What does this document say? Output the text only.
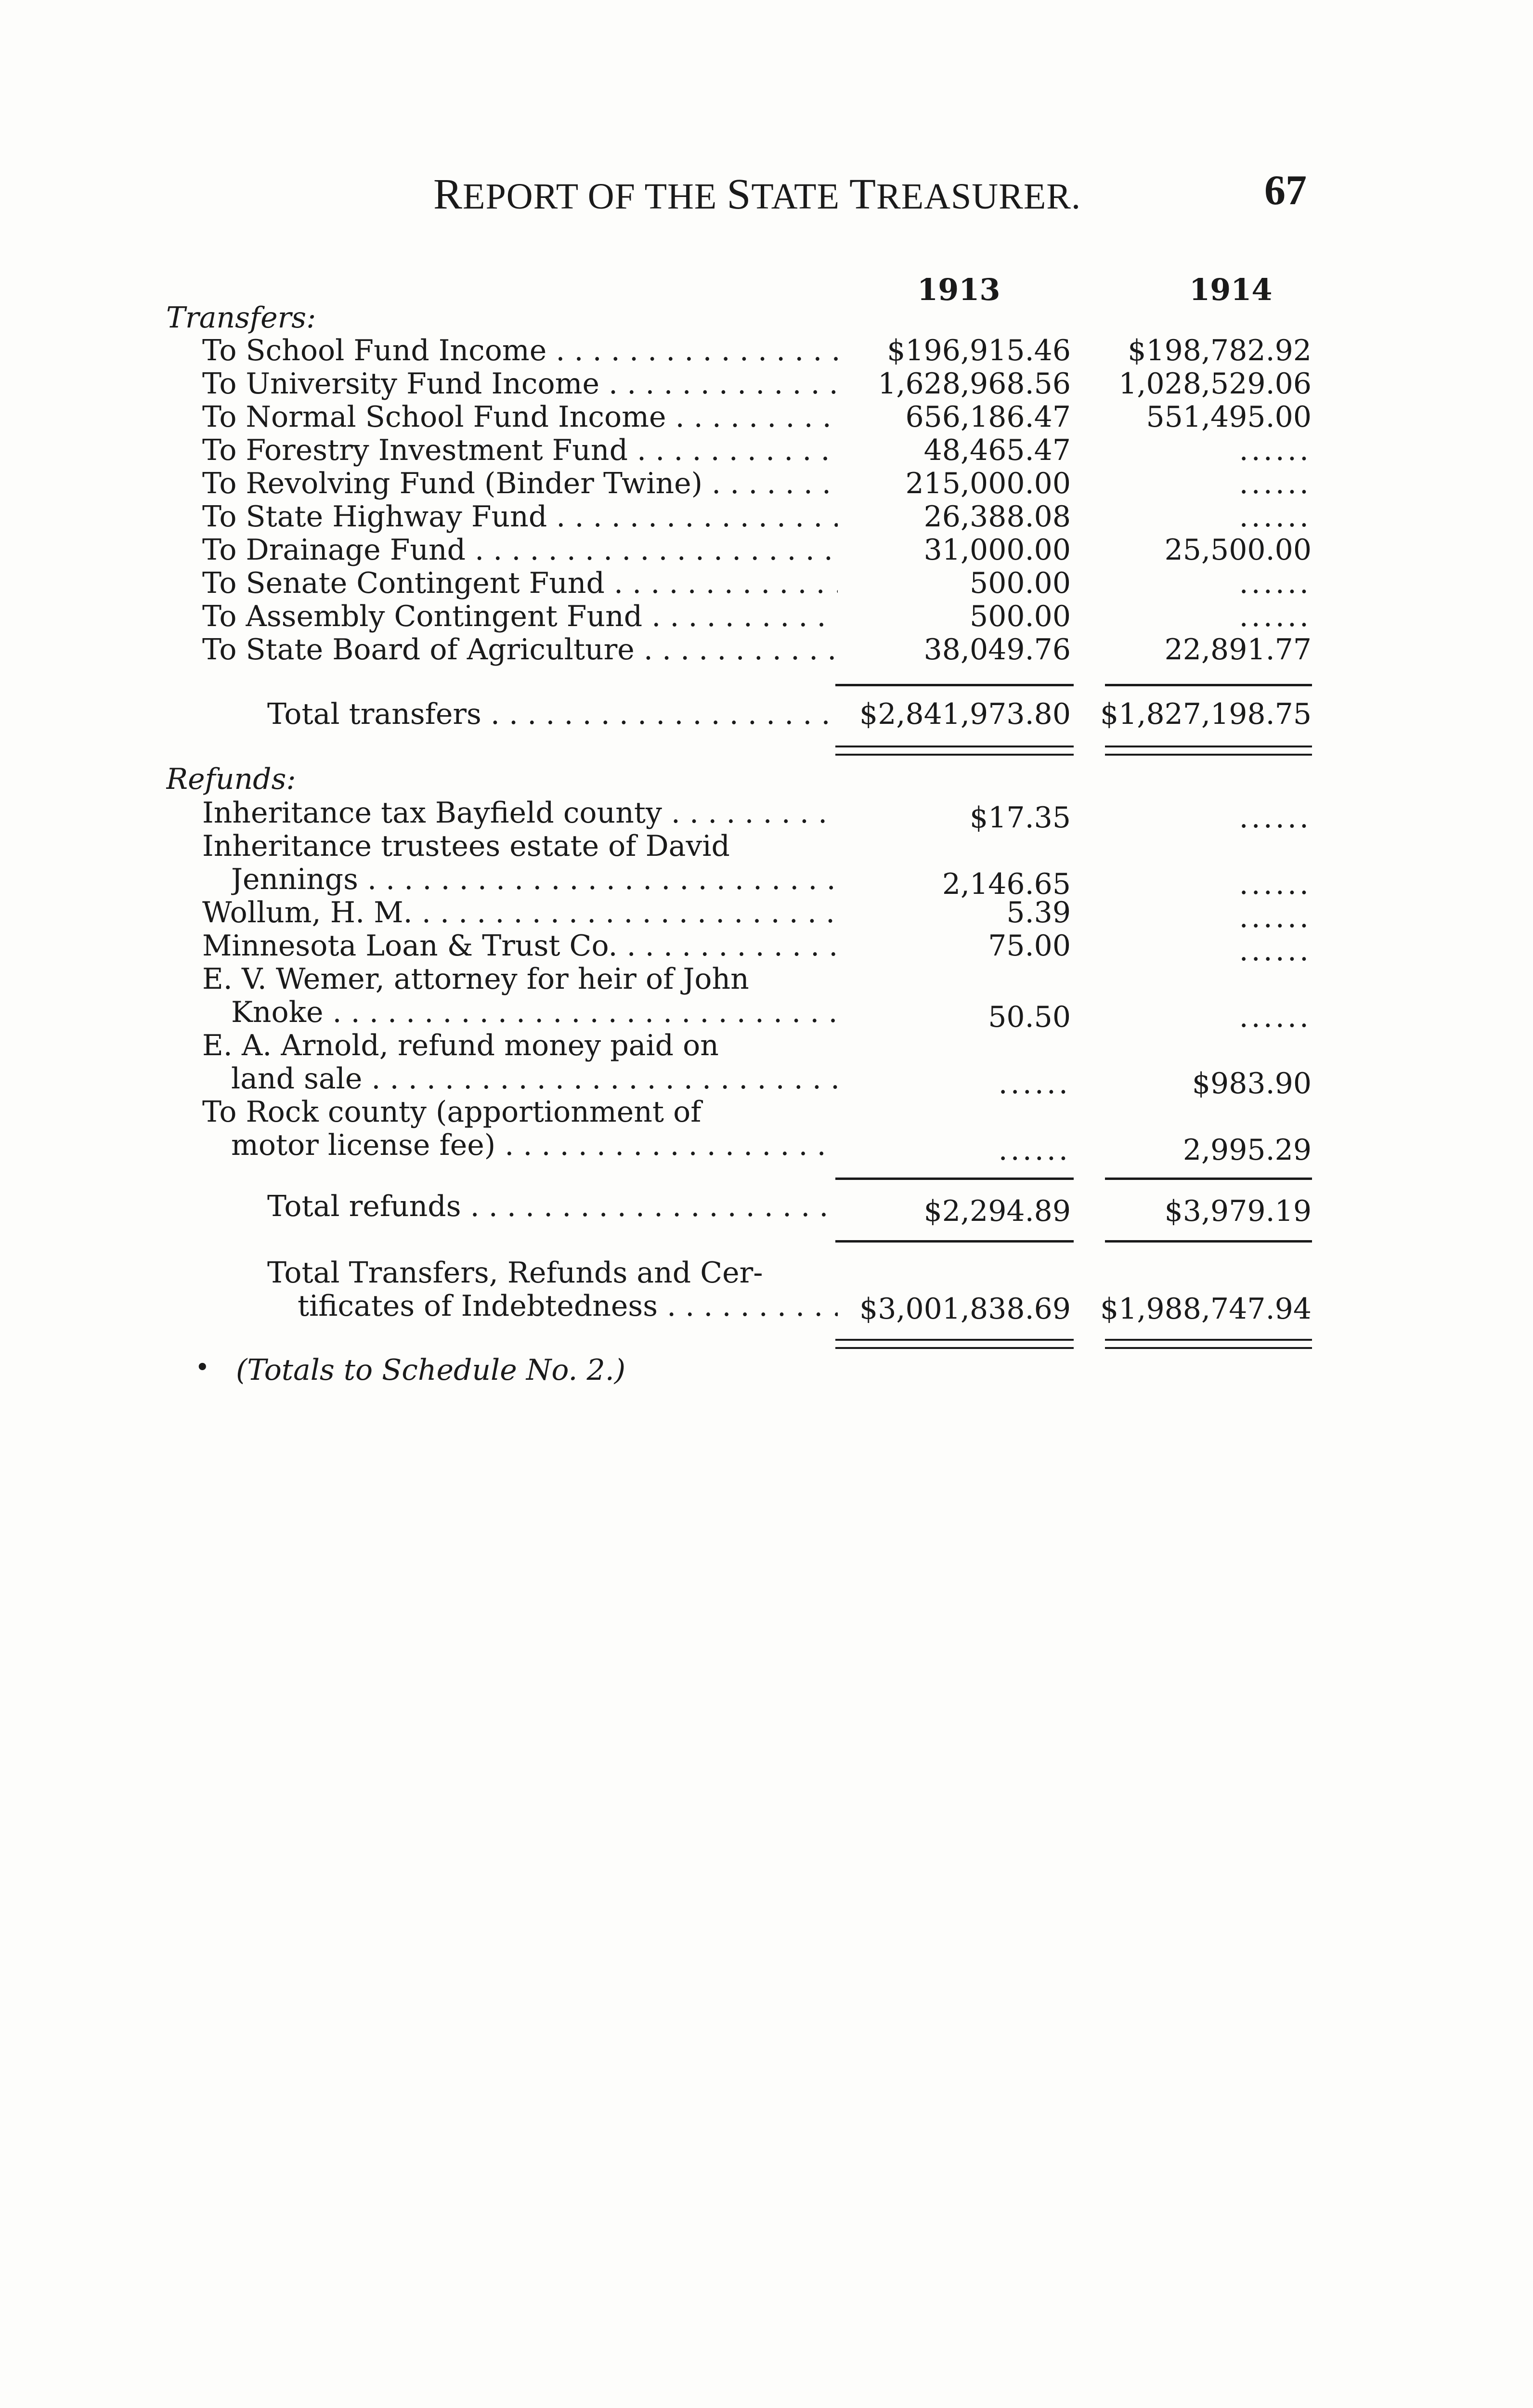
REPORT OF THE STATE TREASURER.	67
1913	1914
Transfers:
To School Fund Income . . .	$196,915.46 $198,782.92
To University Fund Income . . .	1,628,968.56 1,028,529.06
To Normal School Fund Income . . .	656,186.47	551,495.00
To Forestry Investment Fund . . .	48,465.47	......
To Revolving Fund (Binder Twine) . . .	215,000.00	......
To State Highway Fund . . .	26,388.08	......
To Drainage Fund . . .	31,000.00	25,500.00
To Senate Contingent Fund . . .	500.00	......
To Assembly Contingent Fund . . .	500.00	......
To State Board of Agriculture . . .	38,049.76	22,891.77
Total transfers . . .	$2,841,973.80 $1,827,198.75
Refunds:
Inheritance tax Bayfield county . . .	$17.35	......
Inheritance trustees estate of David
Jennings . . .	2,146.65	......
Wollum, H. M. . . .	5.39	......
Minnesota Loan & Trust Co. . . .	75.00	......
E. V. Wemer, attorney for heir of John
Knoke . . .	50.50	......
E. A. Arnold, refund money paid on
land sale . . .	......	$983.90
To Rock county (apportionment of
motor license fee) . . .	......	2,995.29
Total refunds . . .	$2,294.89	$3,979.19
Total Transfers, Refunds and Cer-
tificates of Indebtedness . . .	$3,001,838.69 $1,988,747.94
• (Totals to Schedule No. 2.)
